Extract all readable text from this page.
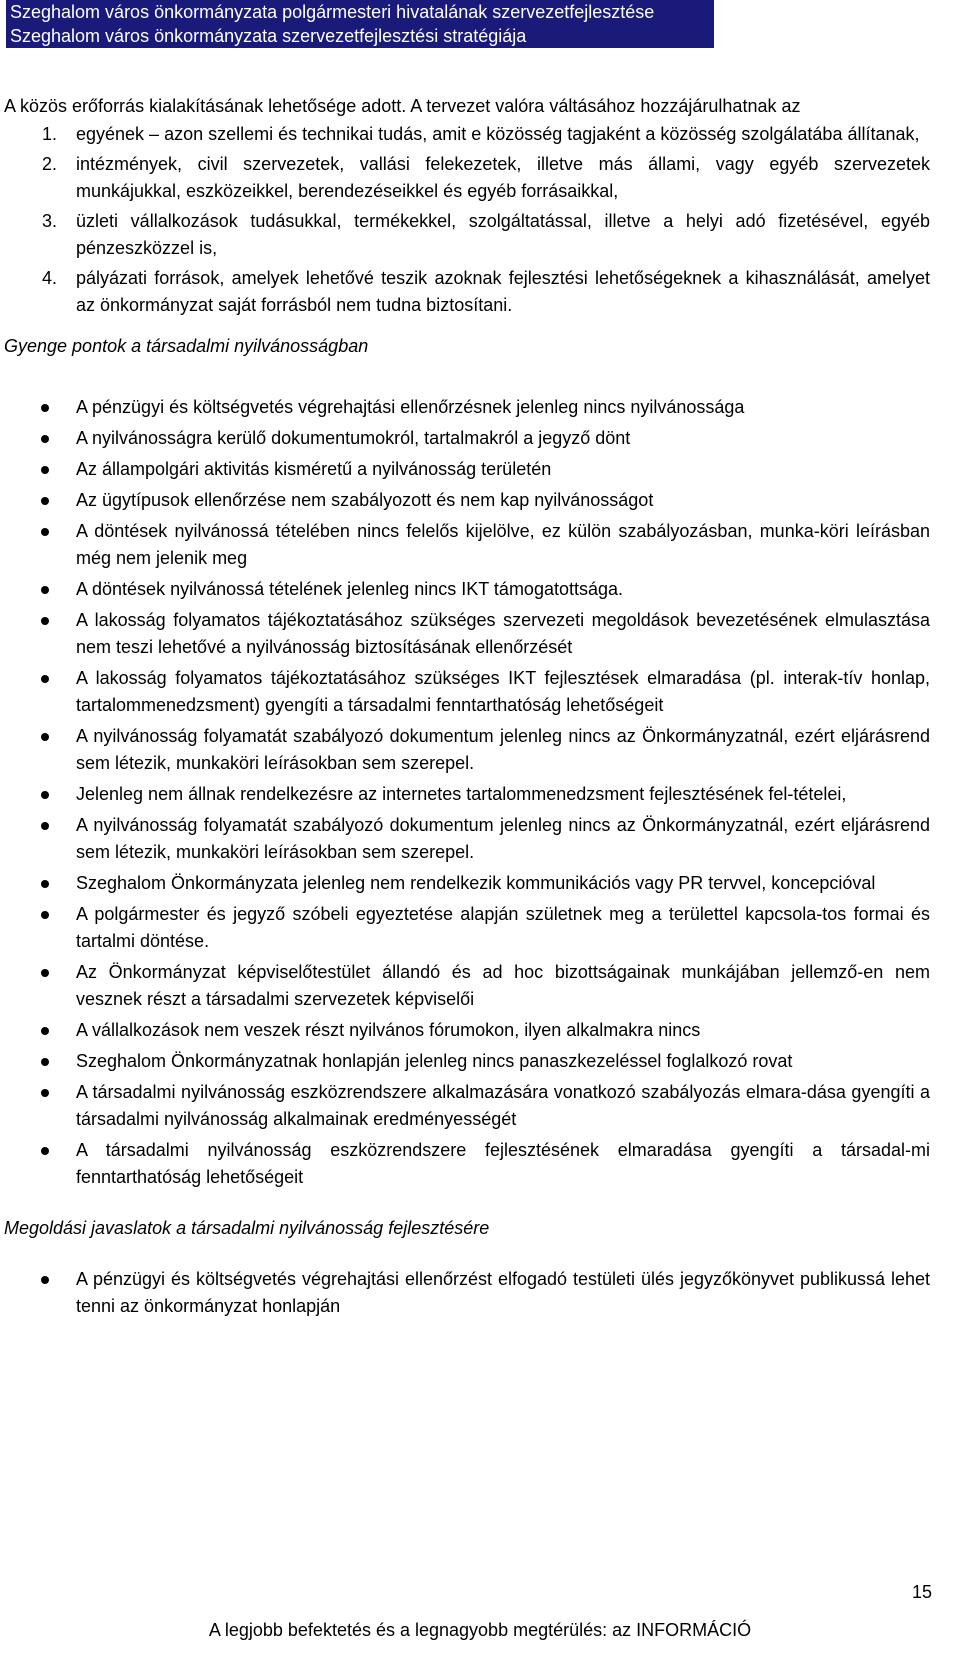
Szeghalom város önkormányzata polgármesteri hivatalának szervezetfejlesztése
Szeghalom város önkormányzata szervezetfejlesztési stratégiája

A közös erőforrás kialakításának lehetősége adott. A tervezet valóra váltásához hozzájárulhatnak az

1. egyének – azon szellemi és technikai tudás, amit e közösség tagjaként a közösség szolgálatába állítanak,
2. intézmények, civil szervezetek, vallási felekezetek, illetve más állami, vagy egyéb szervezetek munkájukkal, eszközeikkel, berendezéseikkel és egyéb forrásaikkal,
3. üzleti vállalkozások tudásukkal, termékekkel, szolgáltatással, illetve a helyi adó fizetésével, egyéb pénzeszközzel is,
4. pályázati források, amelyek lehetővé teszik azoknak fejlesztési lehetőségeknek a kihasználását, amelyet az önkormányzat saját forrásból nem tudna biztosítani.
Gyenge pontok a társadalmi nyilvánosságban
A pénzügyi és költségvetés végrehajtási ellenőrzésnek jelenleg nincs nyilvánossága
A nyilvánosságra kerülő dokumentumokról, tartalmakról a jegyző dönt
Az állampolgári aktivitás kisméretű a nyilvánosság területén
Az ügytípusok ellenőrzése nem szabályozott és nem kap nyilvánosságot
A döntések nyilvánossá tételében nincs felelős kijelölve, ez külön szabályozásban, munka-köri leírásban még nem jelenik meg
A döntések nyilvánossá tételének jelenleg nincs IKT támogatottsága.
A lakosság folyamatos tájékoztatásához szükséges szervezeti megoldások bevezetésének elmulasztása nem teszi lehetővé a nyilvánosság biztosításának ellenőrzését
A lakosság folyamatos tájékoztatásához szükséges IKT fejlesztések elmaradása (pl. interak-tív honlap, tartalommenedzsment) gyengíti a társadalmi fenntarthatóság lehetőségeit
A nyilvánosság folyamatát szabályozó dokumentum jelenleg nincs az Önkormányzatnál, ezért eljárásrend sem létezik, munkaköri leírásokban sem szerepel.
Jelenleg nem állnak rendelkezésre az internetes tartalommenedzsment fejlesztésének fel-tételei,
A nyilvánosság folyamatát szabályozó dokumentum jelenleg nincs az Önkormányzatnál, ezért eljárásrend sem létezik, munkaköri leírásokban sem szerepel.
Szeghalom Önkormányzata jelenleg nem rendelkezik kommunikációs vagy PR tervvel, koncepcióval
A polgármester és jegyző szóbeli egyeztetése alapján születnek meg a területtel kapcsola-tos formai és tartalmi döntése.
Az Önkormányzat képviselőtestület állandó és ad hoc bizottságainak munkájában jellemző-en nem vesznek részt a társadalmi szervezetek képviselői
A vállalkozások nem veszek részt nyilvános fórumokon, ilyen alkalmakra nincs
Szeghalom Önkormányzatnak honlapján jelenleg nincs panaszkezeléssel foglalkozó rovat
A társadalmi nyilvánosság eszközrendszere alkalmazására vonatkozó szabályozás elmara-dása gyengíti a társadalmi nyilvánosság alkalmainak eredményességét
A társadalmi nyilvánosság eszközrendszere fejlesztésének elmaradása gyengíti a társadal-mi fenntarthatóság lehetőségeit
Megoldási javaslatok a társadalmi nyilvánosság fejlesztésére
A pénzügyi és költségvetés végrehajtási ellenőrzést elfogadó testületi ülés jegyzőkönyvet publikussá lehet tenni az önkormányzat honlapján
15
A legjobb befektetés és a legnagyobb megtérülés: az INFORMÁCIÓ
